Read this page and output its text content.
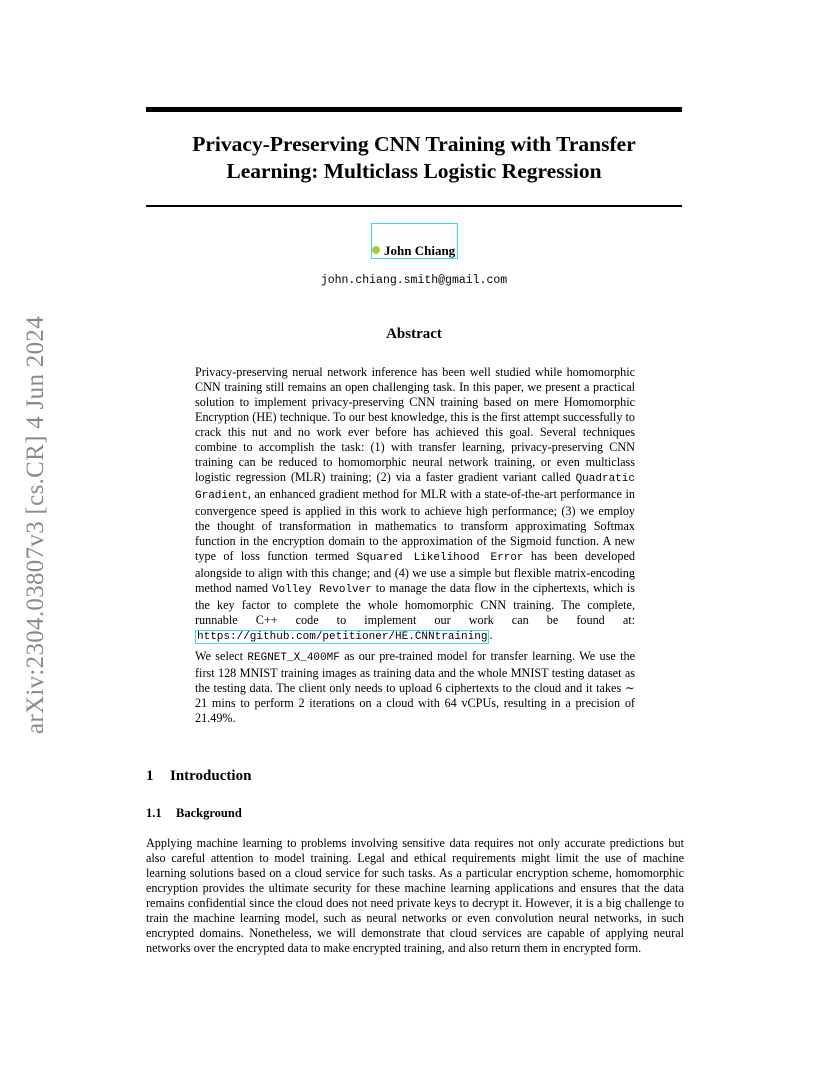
arXiv:2304.03807v3 [cs.CR] 4 Jun 2024
Privacy-Preserving CNN Training with Transfer
Learning: Multiclass Logistic Regression
John Chiang
john.chiang.smith@gmail.com
Abstract

Privacy-preserving nerual network inference has been well studied while homomorphic CNN training still remains an open challenging task. In this paper, we present a practical solution to implement privacy-preserving CNN training based on mere Homomorphic Encryption (HE) technique. To our best knowledge, this is the first attempt successfully to crack this nut and no work ever before has achieved this goal. Several techniques combine to accomplish the task: (1) with transfer learning, privacy-preserving CNN training can be reduced to homomorphic neural network training, or even multiclass logistic regression (MLR) training; (2) via a faster gradient variant called Quadratic Gradient, an enhanced gradient method for MLR with a state-of-the-art performance in convergence speed is applied in this work to achieve high performance; (3) we employ the thought of transformation in mathematics to transform approximating Softmax function in the encryption domain to the approximation of the Sigmoid function. A new type of loss function termed Squared Likelihood Error has been developed alongside to align with this change; and (4) we use a simple but flexible matrix-encoding method named Volley Revolver to manage the data flow in the ciphertexts, which is the key factor to complete the whole homomorphic CNN training. The complete, runnable C++ code to implement our work can be found at: https://github.com/petitioner/HE.CNNtraining .

We select REGNET_X_400MF as our pre-trained model for transfer learning. We use the first 128 MNIST training images as training data and the whole MNIST testing dataset as the testing data. The client only needs to upload 6 ciphertexts to the cloud and it takes ∼ 21 mins to perform 2 iterations on a cloud with 64 vCPUs, resulting in a precision of 21.49%.

1 Introduction
1.1 Background

Applying machine learning to problems involving sensitive data requires not only accurate predictions but also careful attention to model training. Legal and ethical requirements might limit the use of machine learning solutions based on a cloud service for such tasks. As a particular encryption scheme, homomorphic encryption provides the ultimate security for these machine learning applications and ensures that the data remains confidential since the cloud does not need private keys to decrypt it. However, it is a big challenge to train the machine learning model, such as neural networks or even convolution neural networks, in such encrypted domains. Nonetheless, we will demonstrate that cloud services are capable of applying neural networks over the encrypted data to make encrypted training, and also return them in encrypted form.
